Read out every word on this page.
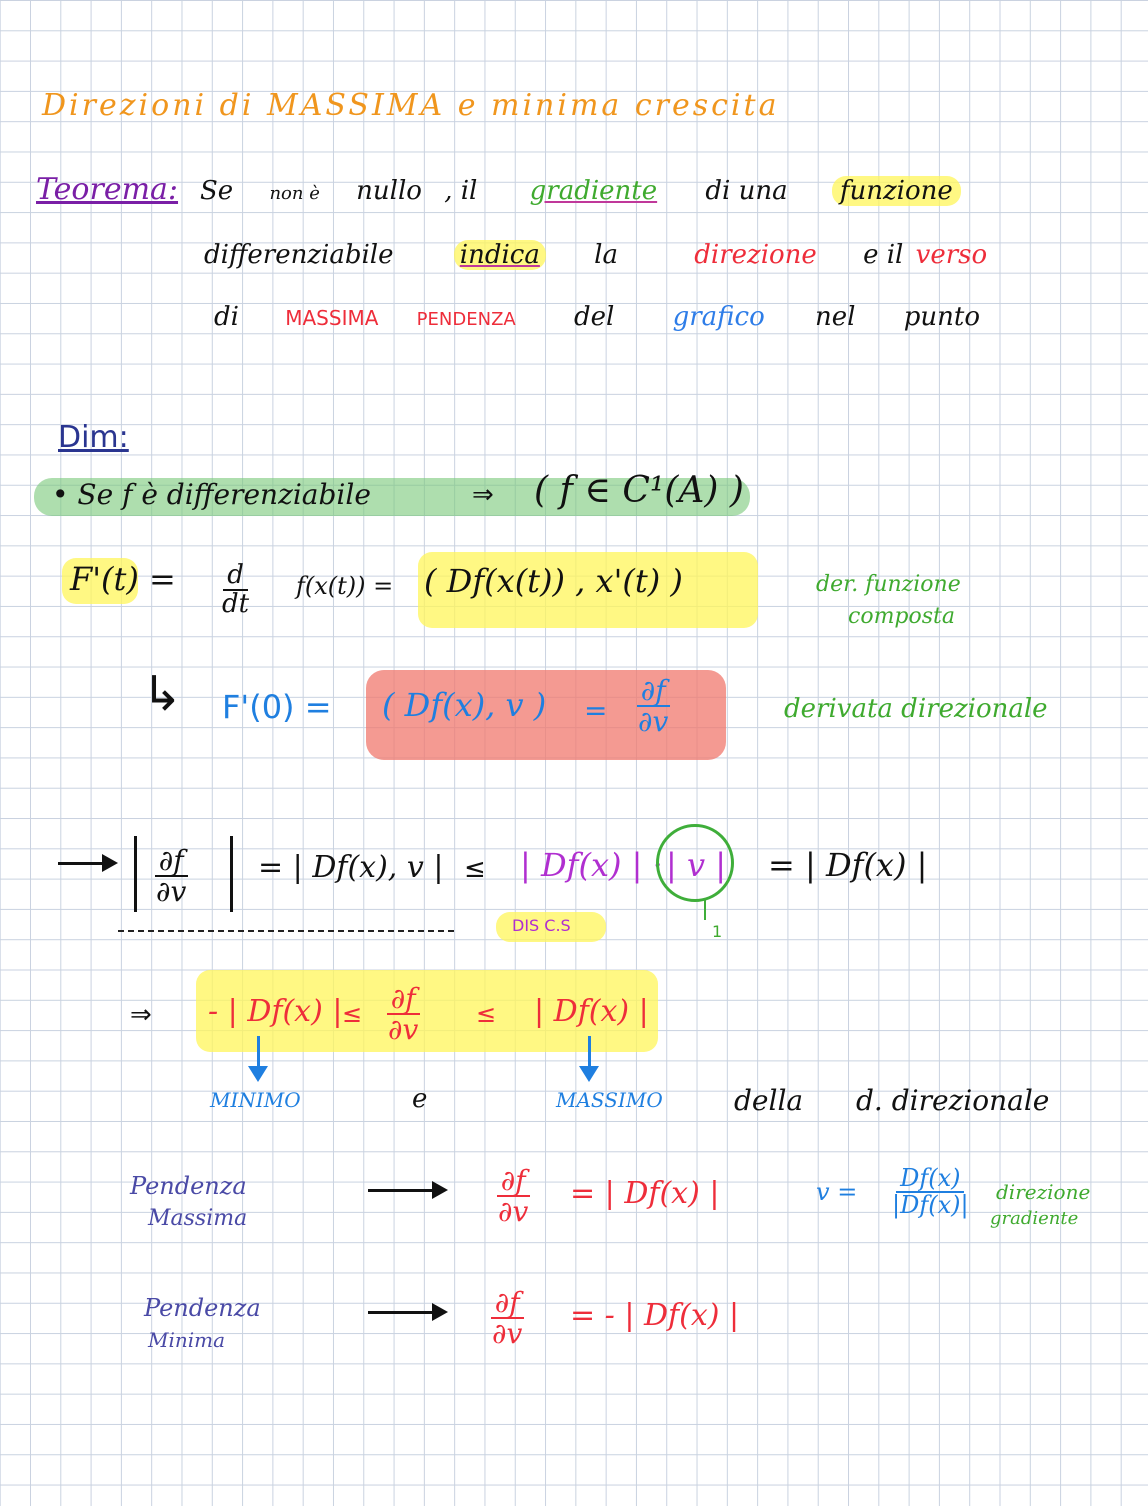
Direzioni di MASSIMA e minima crescita
Teorema: Se non è nullo , il gradiente di una funzione
differenziabile	indica la	direzione e il verso
di MASSIMA PENDENZA del grafico nel punto
Dim:
• Se f è differenziabile	⇒ ( f ∈ C¹(A) )
$F'(t) = \frac{d}{dt} f(x(t))$ = ( Df(x(t)) , x'(t) )	der. funzione
composta
↳ F'(0) = ( Df(x), v ) = $\frac{\partial f}{\partial v}$	derivata direzionale
$\frac{\partial f}{\partial v}$ = | Df(x), v | ≤ | Df(x) | · | v | = | Df(x) |
DIS C.S	1
⇒ - | Df(x) | ≤ $\frac{\partial f}{\partial v}$ ≤ | Df(x) |
MINIMO	e	MASSIMO	della d. direzionale
Pendenza
Massima	$\frac{\partial f}{\partial v}$ = | Df(x) |	$v = \frac{Df(x)}{|Df(x)|}$ direzione
gradiente
Pendenza
Minima	$\frac{\partial f}{\partial v}$ = - | Df(x) |
